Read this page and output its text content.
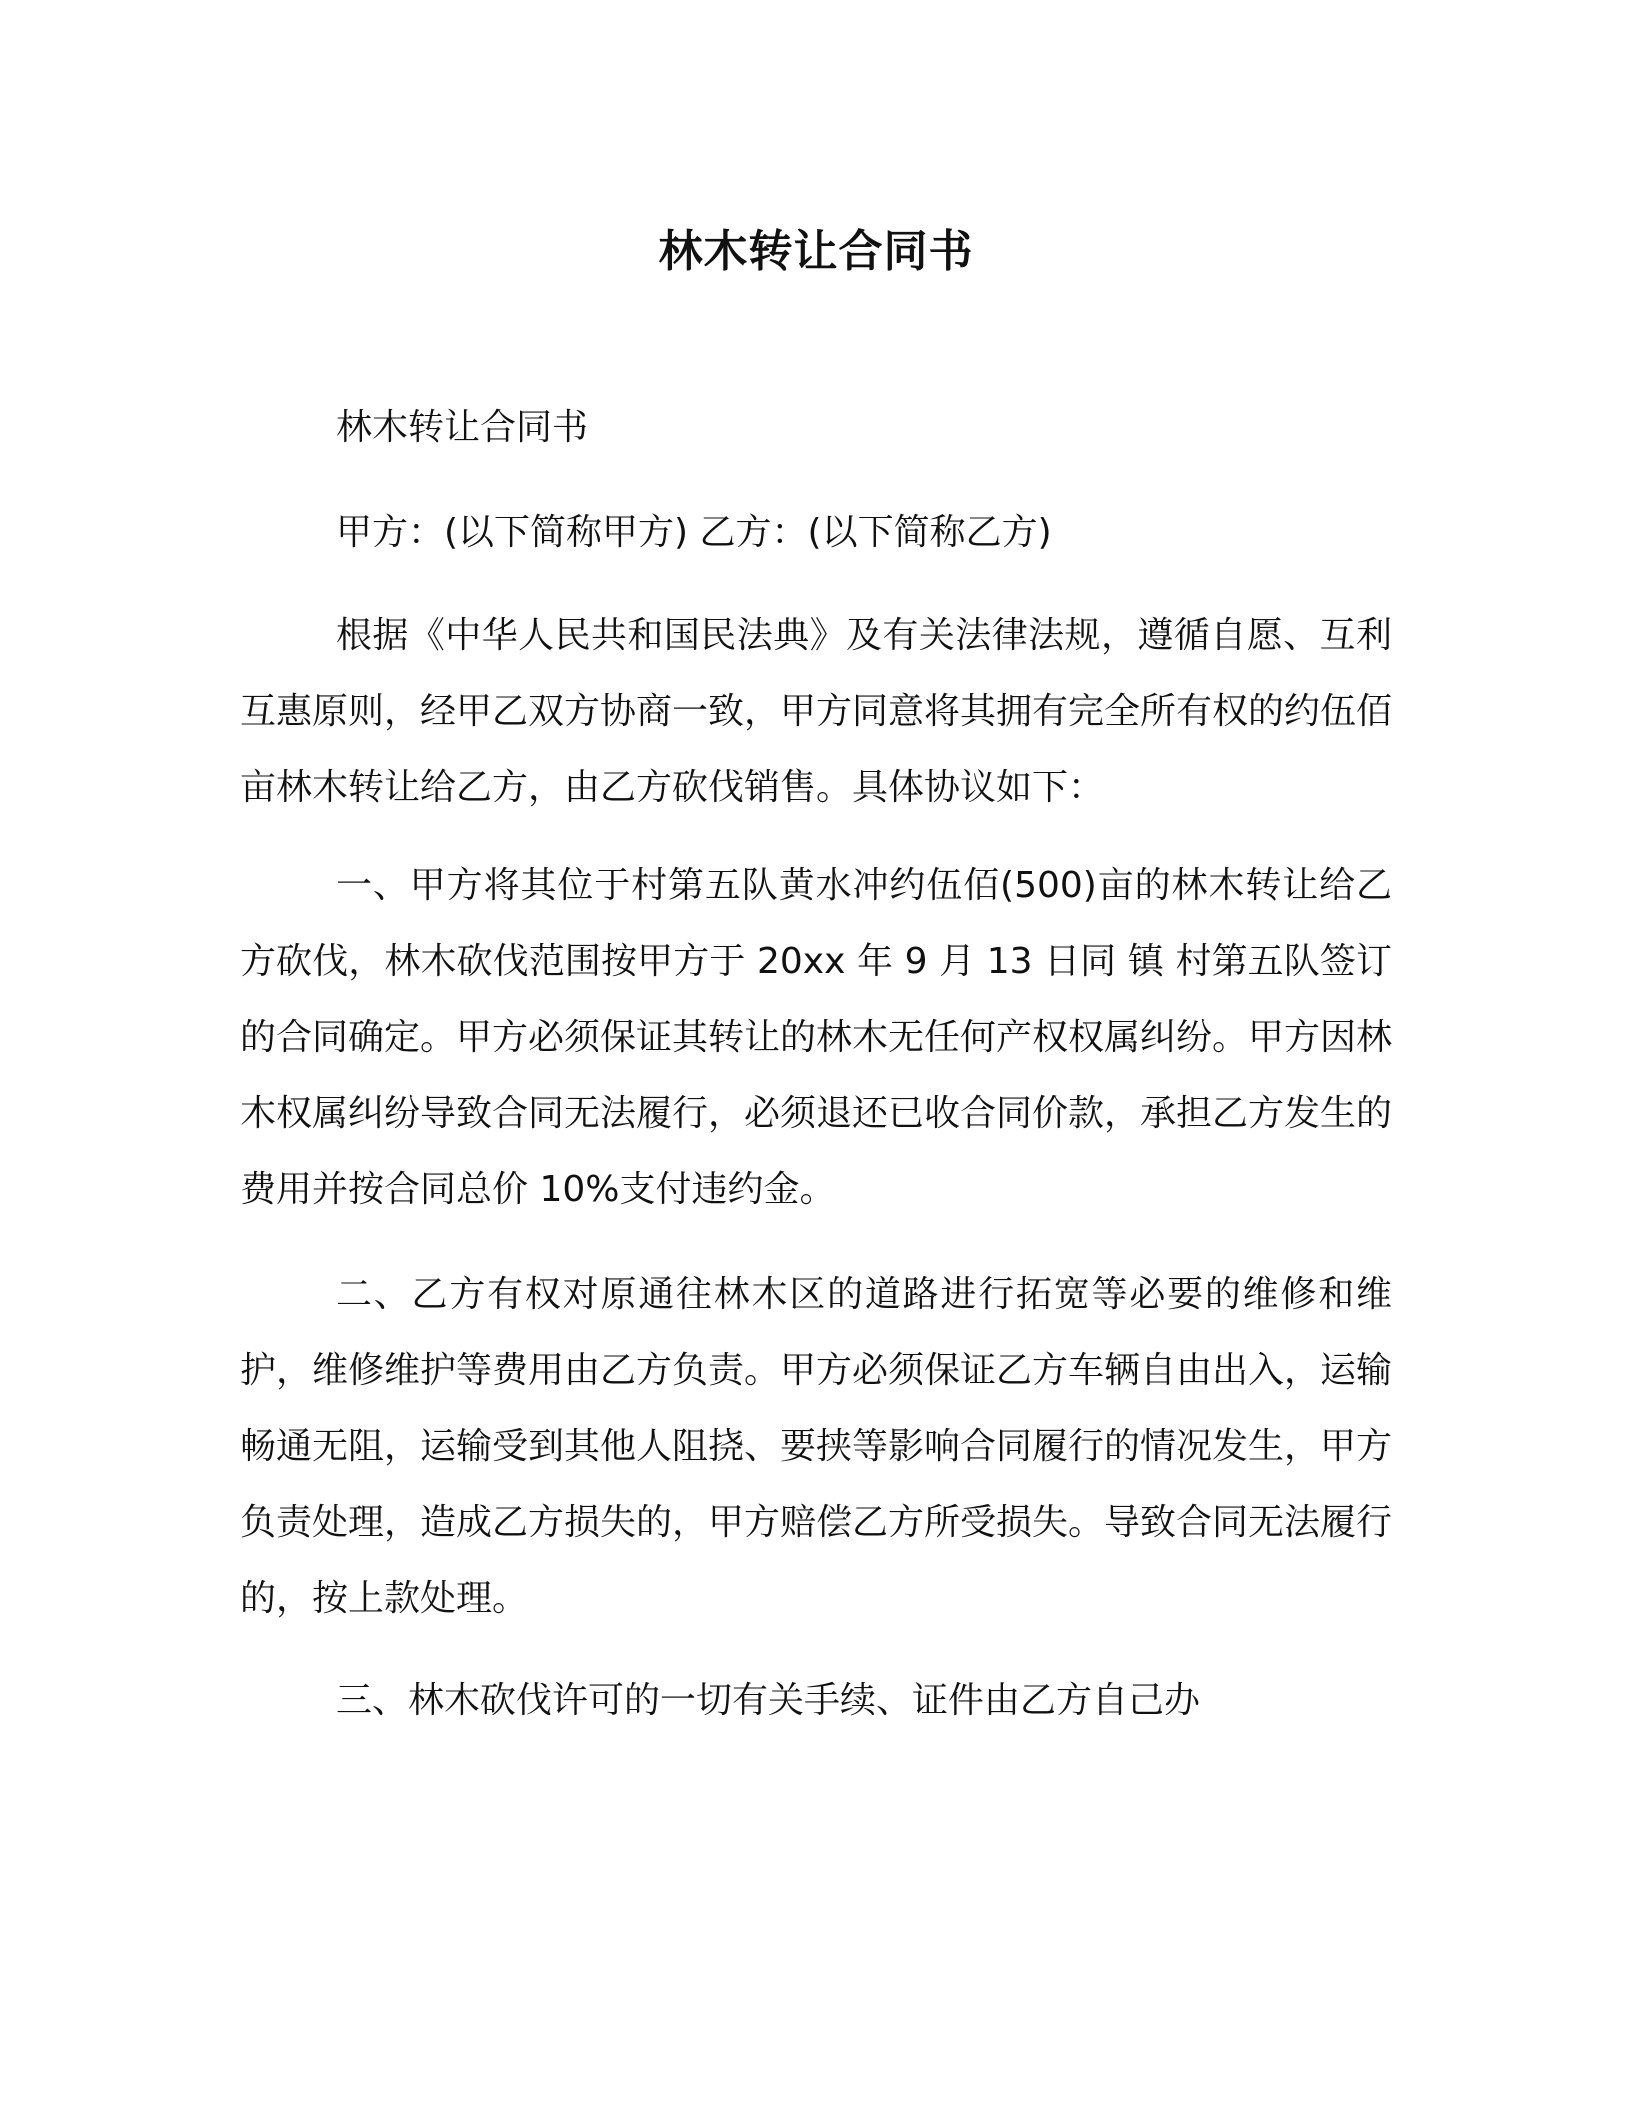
林木转让合同书

林木转让合同书

甲方：(以下简称甲方) 乙方：(以下简称乙方)

根据《中华人民共和国民法典》及有关法律法规，遵循自愿、互利互惠原则，经甲乙双方协商一致，甲方同意将其拥有完全所有权的约伍佰亩林木转让给乙方，由乙方砍伐销售。具体协议如下：

一、甲方将其位于村第五队黄水冲约伍佰(500)亩的林木转让给乙方砍伐，林木砍伐范围按甲方于 20xx 年 9 月 13 日同 镇 村第五队签订的合同确定。甲方必须保证其转让的林木无任何产权权属纠纷。甲方因林木权属纠纷导致合同无法履行，必须退还已收合同价款，承担乙方发生的费用并按合同总价 10%支付违约金。

二、乙方有权对原通往林木区的道路进行拓宽等必要的维修和维护，维修维护等费用由乙方负责。甲方必须保证乙方车辆自由出入，运输畅通无阻，运输受到其他人阻挠、要挟等影响合同履行的情况发生，甲方负责处理，造成乙方损失的，甲方赔偿乙方所受损失。导致合同无法履行的，按上款处理。

三、林木砍伐许可的一切有关手续、证件由乙方自己办
